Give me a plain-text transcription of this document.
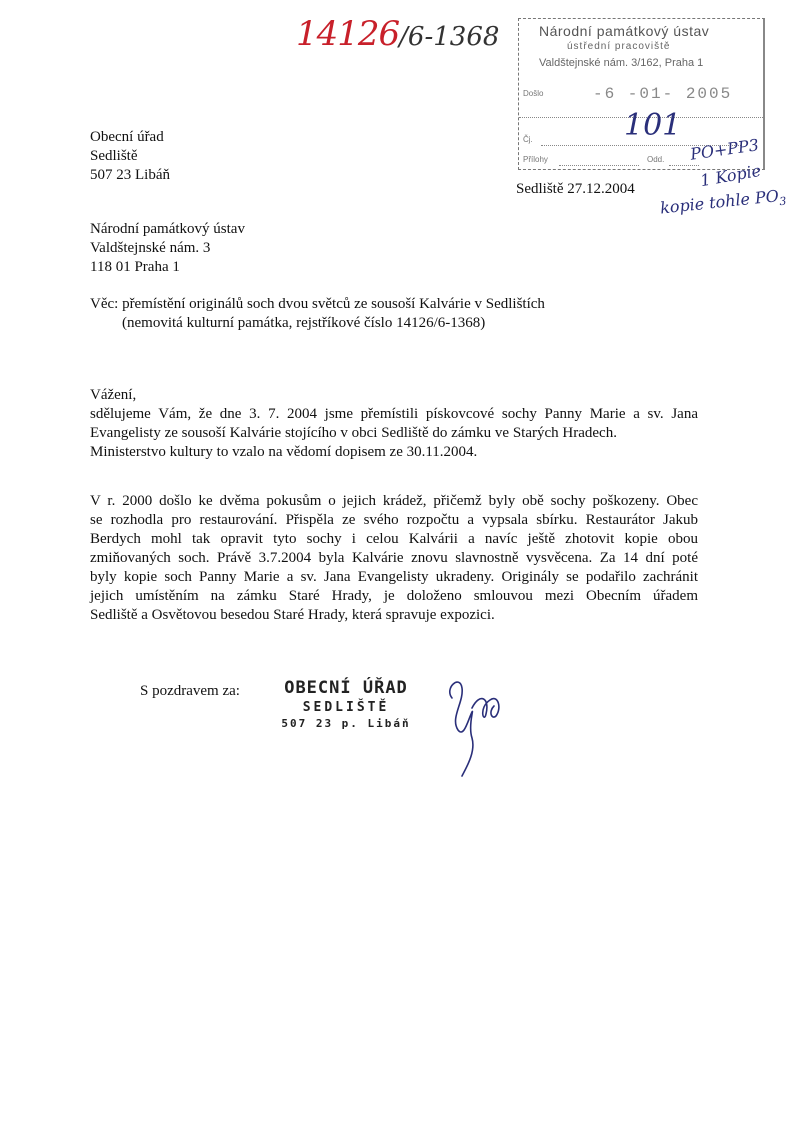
14126/6-1368	Národní památkový ústav
ústřední pracoviště
Valdštejnské nám. 3/162, Praha 1
Došlo	-6 -01- 2005
Čj.
Přílohy	Odd.
101
PO+PP3
1 Kopie
kopie tohle $PO_3$
Obecní úřad
Sedliště
507 23 Libáň
Sedliště 27.12.2004
Národní památkový ústav
Valdštejnské nám. 3
118 01 Praha 1
Věc: přemístění originálů soch dvou světců ze sousoší Kalvárie v Sedlištích
(nemovitá kulturní památka, rejstříkové číslo 14126/6-1368)
Vážení,
sdělujeme Vám, že dne 3. 7. 2004 jsme přemístili pískovcové sochy Panny Marie a sv. Jana
Evangelisty ze sousoší Kalvárie stojícího v obci Sedliště do zámku ve Starých Hradech.
Ministerstvo kultury to vzalo na vědomí dopisem ze 30.11.2004.
V r. 2000 došlo ke dvěma pokusům o jejich krádež, přičemž byly obě sochy poškozeny. Obec
se rozhodla pro restaurování. Přispěla ze svého rozpočtu a vypsala sbírku. Restaurátor Jakub
Berdych mohl tak opravit tyto sochy i celou Kalvárii a navíc ještě zhotovit kopie obou
zmiňovaných soch. Právě 3.7.2004 byla Kalvárie znovu slavnostně vysvěcena. Za 14 dní poté
byly kopie soch Panny Marie a sv. Jana Evangelisty ukradeny. Originály se podařilo zachránit
jejich umístěním na zámku Staré Hrady, je doloženo smlouvou mezi Obecním úřadem
Sedliště a Osvětovou besedou Staré Hrady, která spravuje expozici.
S pozdravem za:	OBECNÍ ÚŘAD
SEDLIŠTĚ
507 23 p. Libáň
